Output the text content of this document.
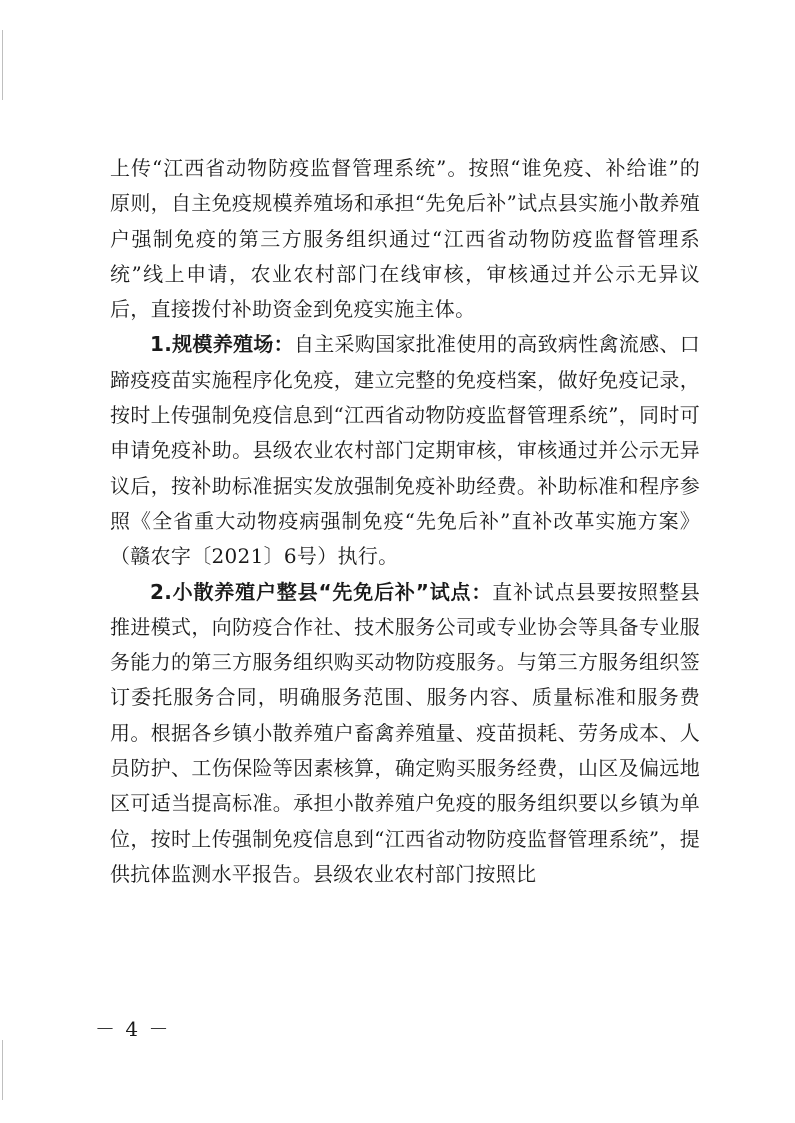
上传“江西省动物防疫监督管理系统”。按照“谁免疫、补给谁”的原则，自主免疫规模养殖场和承担“先免后补”试点县实施小散养殖户强制免疫的第三方服务组织通过“江西省动物防疫监督管理系统”线上申请，农业农村部门在线审核，审核通过并公示无异议后，直接拨付补助资金到免疫实施主体。

1.规模养殖场：自主采购国家批准使用的高致病性禽流感、口蹄疫疫苗实施程序化免疫，建立完整的免疫档案，做好免疫记录，按时上传强制免疫信息到“江西省动物防疫监督管理系统”，同时可申请免疫补助。县级农业农村部门定期审核，审核通过并公示无异议后，按补助标准据实发放强制免疫补助经费。补助标准和程序参照《全省重大动物疫病强制免疫“先免后补”直补改革实施方案》（赣农字〔2021〕6号）执行。

2.小散养殖户整县“先免后补”试点：直补试点县要按照整县推进模式，向防疫合作社、技术服务公司或专业协会等具备专业服务能力的第三方服务组织购买动物防疫服务。与第三方服务组织签订委托服务合同，明确服务范围、服务内容、质量标准和服务费用。根据各乡镇小散养殖户畜禽养殖量、疫苗损耗、劳务成本、人员防护、工伤保险等因素核算，确定购买服务经费，山区及偏远地区可适当提高标准。承担小散养殖户免疫的服务组织要以乡镇为单位，按时上传强制免疫信息到“江西省动物防疫监督管理系统”，提供抗体监测水平报告。县级农业农村部门按照比

－ 4 －
